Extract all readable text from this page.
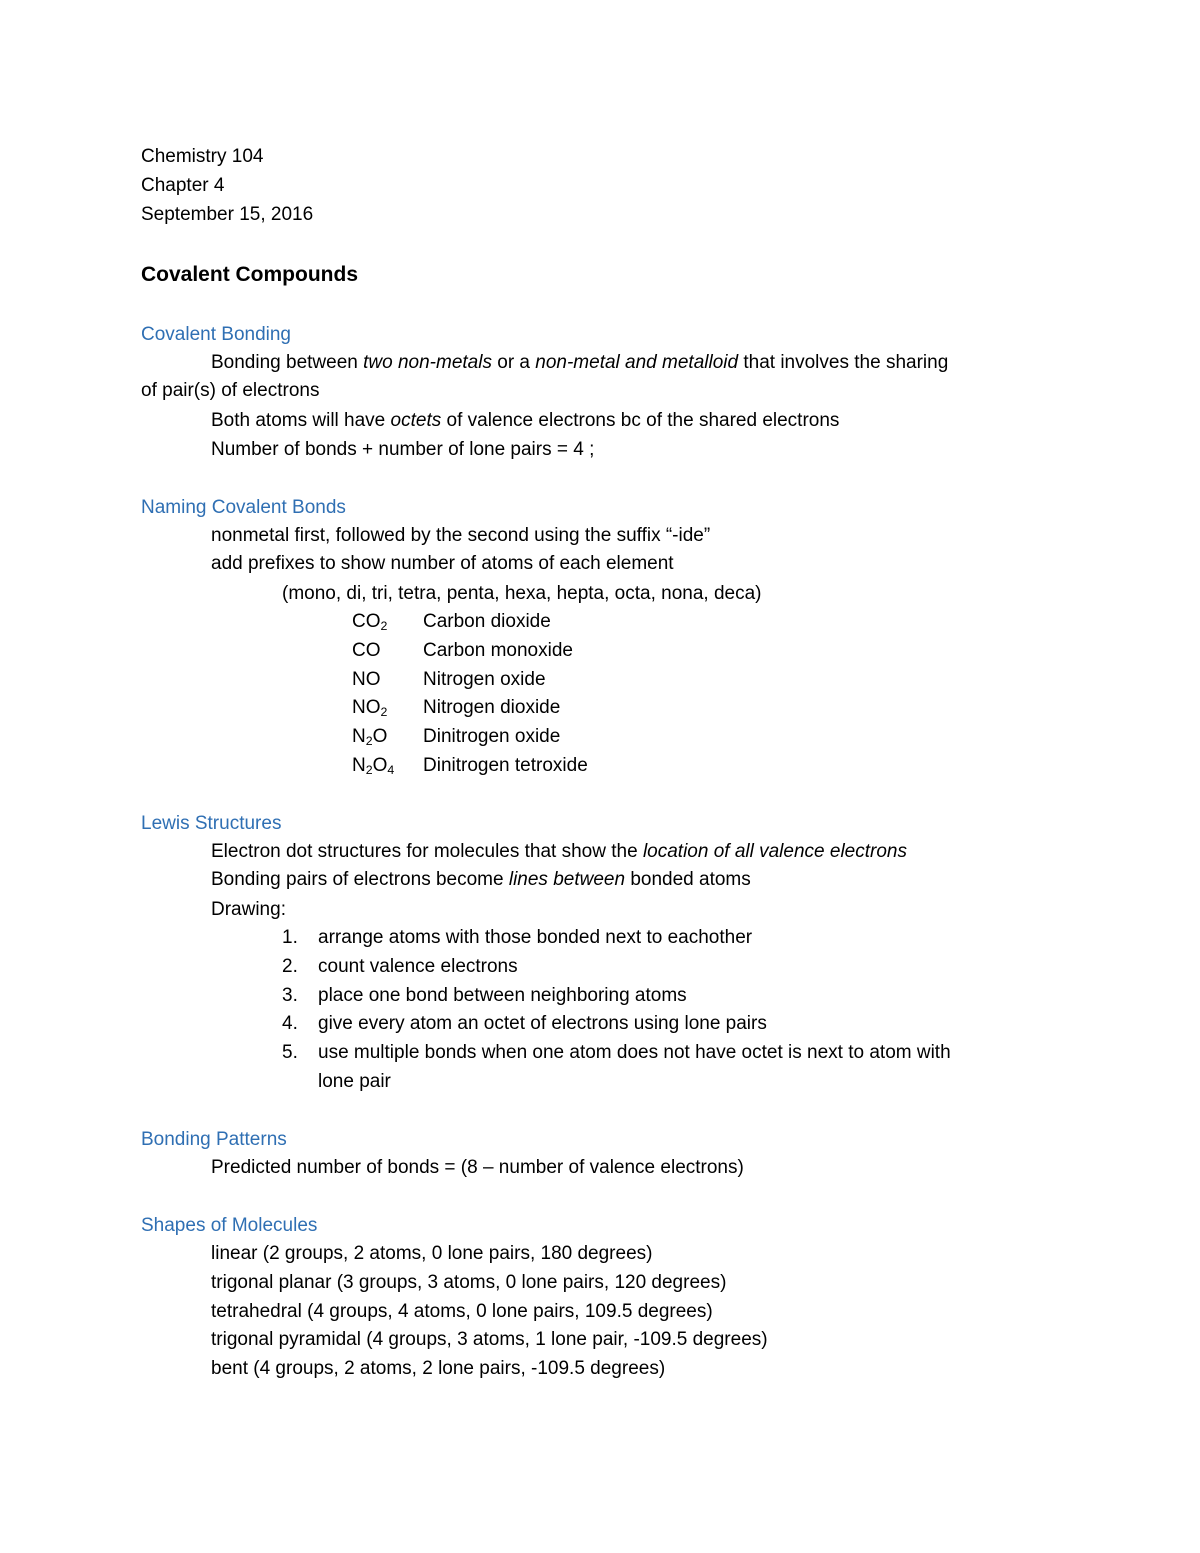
Chemistry 104
Chapter 4
September 15, 2016
Covalent Compounds
Covalent Bonding
Bonding between two non-metals or a non-metal and metalloid that involves the sharing
of pair(s) of electrons
Both atoms will have octets of valence electrons bc of the shared electrons
Number of bonds + number of lone pairs = 4 ;
Naming Covalent Bonds
nonmetal first, followed by the second using the suffix “-ide”
add prefixes to show number of atoms of each element
(mono, di, tri, tetra, penta, hexa, hepta, octa, nona, deca)
$CO_2$ Carbon dioxide
CO Carbon monoxide
NO Nitrogen oxide
$NO_2$ Nitrogen dioxide
$N_2O$ Dinitrogen oxide
$N_2O_4$ Dinitrogen tetroxide
Lewis Structures
Electron dot structures for molecules that show the location of all valence electrons
Bonding pairs of electrons become lines between bonded atoms
Drawing:
1. arrange atoms with those bonded next to eachother
2. count valence electrons
3. place one bond between neighboring atoms
4. give every atom an octet of electrons using lone pairs
5. use multiple bonds when one atom does not have octet is next to atom with
lone pair
Bonding Patterns
Predicted number of bonds = (8 – number of valence electrons)
Shapes of Molecules
linear (2 groups, 2 atoms, 0 lone pairs, 180 degrees)
trigonal planar (3 groups, 3 atoms, 0 lone pairs, 120 degrees)
tetrahedral (4 groups, 4 atoms, 0 lone pairs, 109.5 degrees)
trigonal pyramidal (4 groups, 3 atoms, 1 lone pair, -109.5 degrees)
bent (4 groups, 2 atoms, 2 lone pairs, -109.5 degrees)
